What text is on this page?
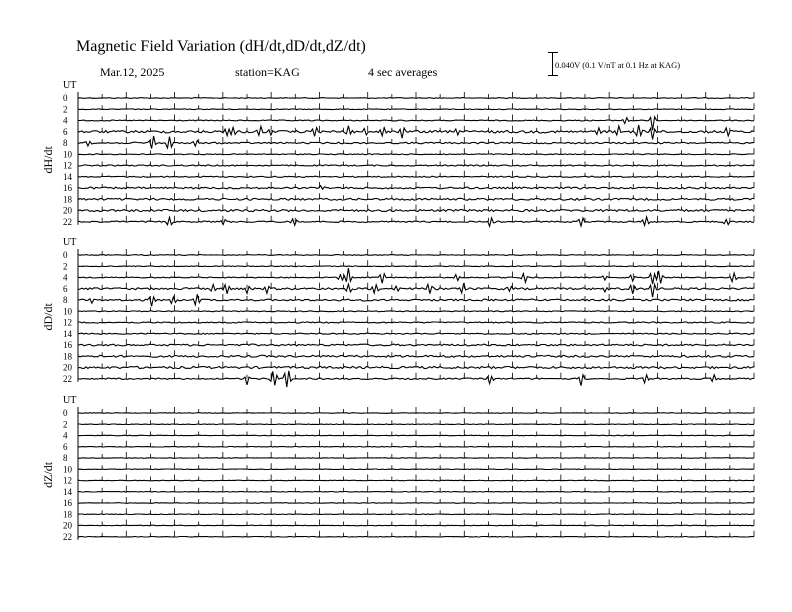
Magnetic Field Variation (dH/dt,dD/dt,dZ/dt)
Mar.12, 2025	station=KAG	4 sec averages	0.040V (0.1 V/nT at 0.1 Hz at KAG)
UT
dH/dt
0
2
4
6
8
10
12
14
16
18
20
22
UT
dD/dt
0
2
4
6
8
10
12
14
16
18
20
22
UT
dZ/dt
0
2
4
6
8
10
12
14
16
18
20
22
